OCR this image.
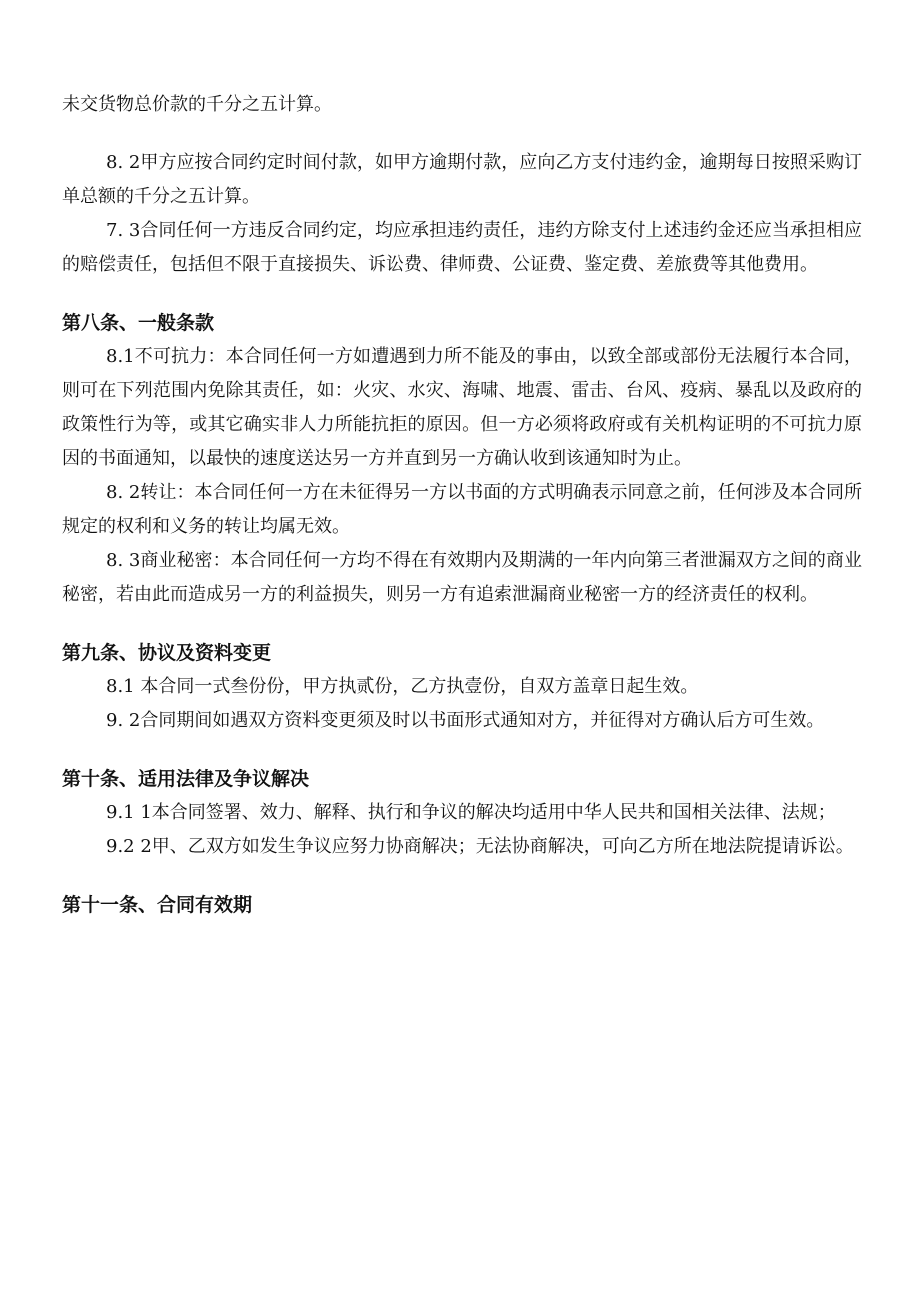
未交货物总价款的千分之五计算。

8. 2甲方应按合同约定时间付款，如甲方逾期付款，应向乙方支付违约金，逾期每日按照采购订单总额的千分之五计算。

7. 3合同任何一方违反合同约定，均应承担违约责任，违约方除支付上述违约金还应当承担相应的赔偿责任，包括但不限于直接损失、诉讼费、律师费、公证费、鉴定费、差旅费等其他费用。

第八条、一般条款

8.1不可抗力：本合同任何一方如遭遇到力所不能及的事由，以致全部或部份无法履行本合同，则可在下列范围内免除其责任，如：火灾、水灾、海啸、地震、雷击、台风、疫病、暴乱以及政府的政策性行为等，或其它确实非人力所能抗拒的原因。但一方必须将政府或有关机构证明的不可抗力原因的书面通知，以最快的速度送达另一方并直到另一方确认收到该通知时为止。

8. 2转让：本合同任何一方在未征得另一方以书面的方式明确表示同意之前，任何涉及本合同所规定的权利和义务的转让均属无效。

8. 3商业秘密：本合同任何一方均不得在有效期内及期满的一年内向第三者泄漏双方之间的商业秘密，若由此而造成另一方的利益损失，则另一方有追索泄漏商业秘密一方的经济责任的权利。

第九条、协议及资料变更

8.1 本合同一式叁份份，甲方执贰份，乙方执壹份，自双方盖章日起生效。

9. 2合同期间如遇双方资料变更须及时以书面形式通知对方，并征得对方确认后方可生效。

第十条、适用法律及争议解决

9.1 1本合同签署、效力、解释、执行和争议的解决均适用中华人民共和国相关法律、法规；

9.2 2甲、乙双方如发生争议应努力协商解决；无法协商解决，可向乙方所在地法院提请诉讼。

第十一条、合同有效期
